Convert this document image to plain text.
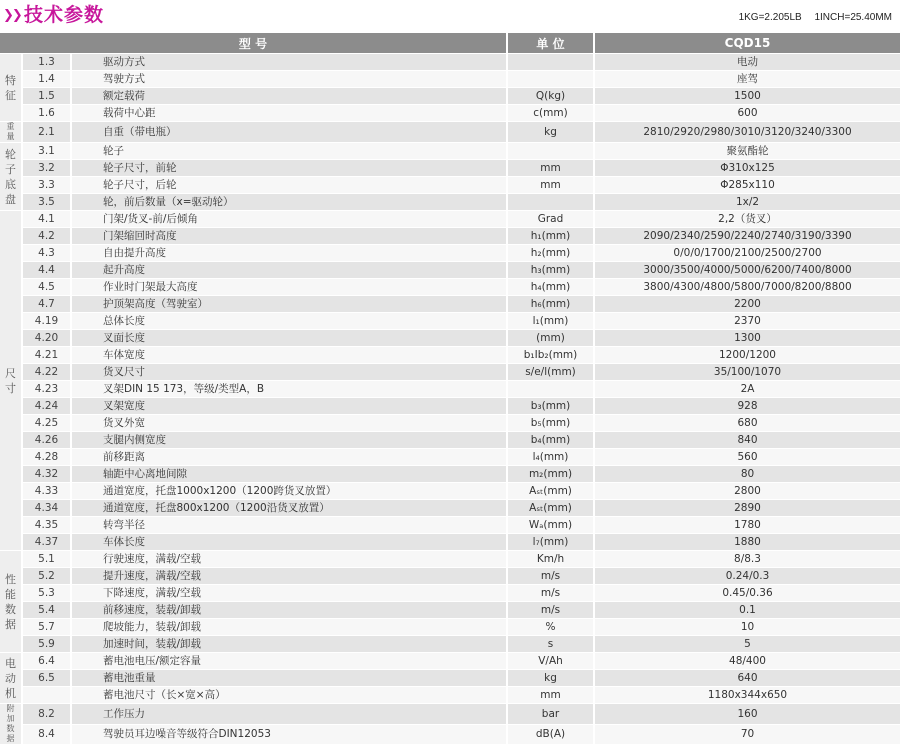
❯❯ 技术参数	1KG=2.205LB 1INCH=25.40MM
型 号			单 位	CQD15

特
征	1.3	驱动方式		电动
	1.4	驾驶方式		座驾
	1.5	额定载荷	Q(kg)	1500
	1.6	载荷中心距	c(mm)	600

重
量	2.1	自重（带电瓶）	kg	2810/2920/2980/3010/3120/3240/3300

轮
子
底
盘	3.1	轮子		聚氨酯轮
	3.2	轮子尺寸，前轮	mm	Φ310x125
	3.3	轮子尺寸，后轮	mm	Φ285x110
	3.5	轮，前后数量（x=驱动轮）		1x/2

尺
寸	4.1	门架/货叉-前/后倾角	Grad	2,2（货叉）
	4.2	门架缩回时高度	h₁(mm)	2090/2340/2590/2240/2740/3190/3390
	4.3	自由提升高度	h₂(mm)	0/0/0/1700/2100/2500/2700
	4.4	起升高度	h₃(mm)	3000/3500/4000/5000/6200/7400/8000
	4.5	作业时门架最大高度	h₄(mm)	3800/4300/4800/5800/7000/8200/8800
	4.7	护顶架高度（驾驶室）	h₆(mm)	2200
	4.19	总体长度	l₁(mm)	2370
	4.20	叉面长度	(mm)	1300
	4.21	车体宽度	b₁Ib₂(mm)	1200/1200
	4.22	货叉尺寸	s/e/l(mm)	35/100/1070
	4.23	叉架DIN 15 173，等级/类型A，B		2A
	4.24	叉架宽度	b₃(mm)	928
	4.25	货叉外宽	b₅(mm)	680
	4.26	支腿内侧宽度	b₄(mm)	840
	4.28	前移距离	l₄(mm)	560
	4.32	轴距中心离地间隙	m₂(mm)	80
	4.33	通道宽度，托盘1000x1200（1200跨货叉放置）	Aₛₜ(mm)	2800
	4.34	通道宽度，托盘800x1200（1200沿货叉放置）	Aₛₜ(mm)	2890
	4.35	转弯半径	Wₐ(mm)	1780
	4.37	车体长度	l₇(mm)	1880

性
能
数
据	5.1	行驶速度，满载/空载	Km/h	8/8.3
	5.2	提升速度，满载/空载	m/s	0.24/0.3
	5.3	下降速度，满载/空载	m/s	0.45/0.36
	5.4	前移速度，装载/卸载	m/s	0.1
	5.7	爬坡能力，装载/卸载	%	10
	5.9	加速时间，装载/卸载	s	5

电
动
机	6.4	蓄电池电压/额定容量	V/Ah	48/400
	6.5	蓄电池重量	kg	640
		蓄电池尺寸（长×宽×高）	mm	1180x344x650

附
加
数
据	8.2	工作压力	bar	160
	8.4	驾驶员耳边噪音等级符合DIN12053	dB(A)	70
